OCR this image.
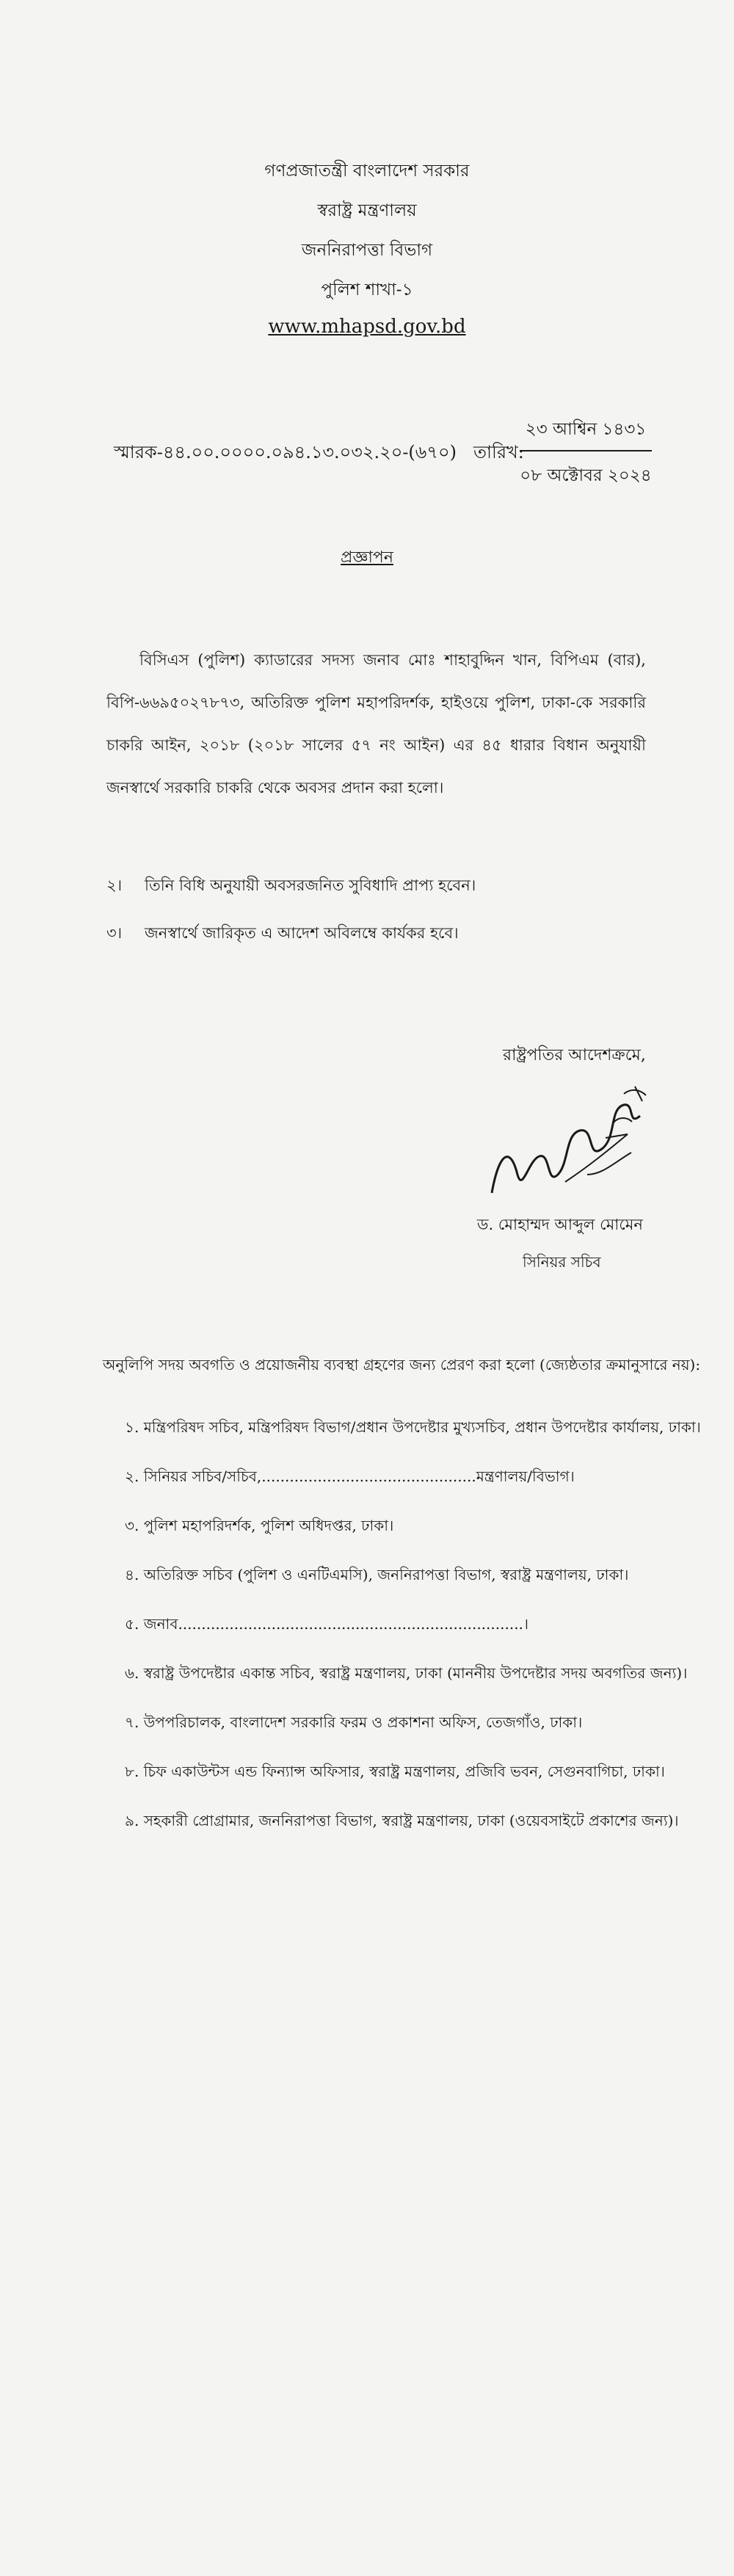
গণপ্রজাতন্ত্রী বাংলাদেশ সরকার
স্বরাষ্ট্র মন্ত্রণালয়
জননিরাপত্তা বিভাগ
পুলিশ শাখা-১
www.mhapsd.gov.bd
স্মারক-৪৪.০০.০০০০.০৯৪.১৩.০৩২.২০-(৬৭০) তারিখ:
২৩ আশ্বিন ১৪৩১
০৮ অক্টোবর ২০২৪
প্রজ্ঞাপন
বিসিএস (পুলিশ) ক্যাডারের সদস্য জনাব মোঃ শাহাবুদ্দিন খান, বিপিএম (বার), বিপি-৬৬৯৫০২৭৮৭৩, অতিরিক্ত পুলিশ মহাপরিদর্শক, হাইওয়ে পুলিশ, ঢাকা-কে সরকারি চাকরি আইন, ২০১৮ (২০১৮ সালের ৫৭ নং আইন) এর ৪৫ ধারার বিধান অনুযায়ী জনস্বার্থে সরকারি চাকরি থেকে অবসর প্রদান করা হলো।
২। তিনি বিধি অনুযায়ী অবসরজনিত সুবিধাদি প্রাপ্য হবেন।
৩। জনস্বার্থে জারিকৃত এ আদেশ অবিলম্বে কার্যকর হবে।
রাষ্ট্রপতির আদেশক্রমে,
ড. মোহাম্মদ আব্দুল মোমেন
সিনিয়র সচিব
অনুলিপি সদয় অবগতি ও প্রয়োজনীয় ব্যবস্থা গ্রহণের জন্য প্রেরণ করা হলো (জ্যেষ্ঠতার ক্রমানুসারে নয়):
১. মন্ত্রিপরিষদ সচিব, মন্ত্রিপরিষদ বিভাগ/প্রধান উপদেষ্টার মুখ্যসচিব, প্রধান উপদেষ্টার কার্যালয়, ঢাকা।
২. সিনিয়র সচিব/সচিব,..............................................মন্ত্রণালয়/বিভাগ।
৩. পুলিশ মহাপরিদর্শক, পুলিশ অধিদপ্তর, ঢাকা।
৪. অতিরিক্ত সচিব (পুলিশ ও এনটিএমসি), জননিরাপত্তা বিভাগ, স্বরাষ্ট্র মন্ত্রণালয়, ঢাকা।
৫. জনাব..........................................................................।
৬. স্বরাষ্ট্র উপদেষ্টার একান্ত সচিব, স্বরাষ্ট্র মন্ত্রণালয়, ঢাকা (মাননীয় উপদেষ্টার সদয় অবগতির জন্য)।
৭. উপপরিচালক, বাংলাদেশ সরকারি ফরম ও প্রকাশনা অফিস, তেজগাঁও, ঢাকা।
৮. চিফ একাউন্টস এন্ড ফিন্যান্স অফিসার, স্বরাষ্ট্র মন্ত্রণালয়, প্রজিবি ভবন, সেগুনবাগিচা, ঢাকা।
৯. সহকারী প্রোগ্রামার, জননিরাপত্তা বিভাগ, স্বরাষ্ট্র মন্ত্রণালয়, ঢাকা (ওয়েবসাইটে প্রকাশের জন্য)।
